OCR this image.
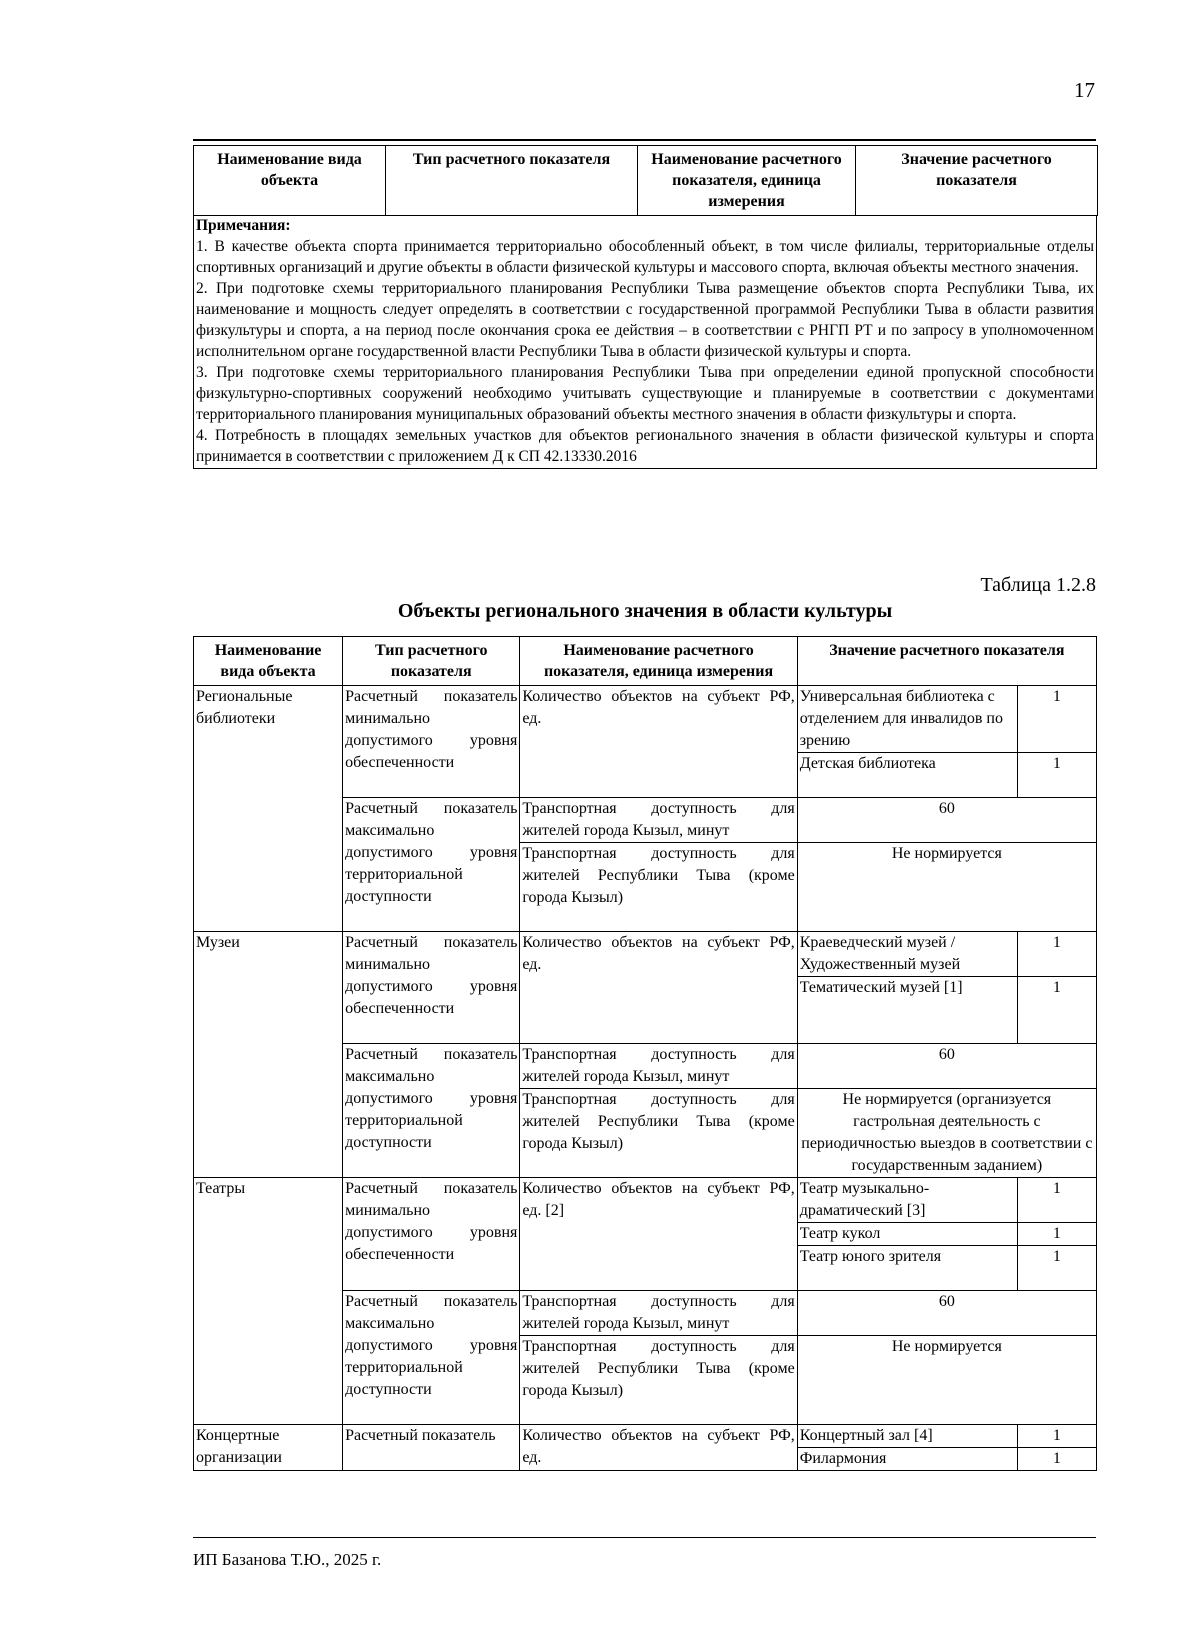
17
Наименование вида объекта	Тип расчетного показателя	Наименование расчетного показателя, единица измерения	Значение расчетного показателя

Примечания:

1. В качестве объекта спорта принимается территориально обособленный объект, в том числе филиалы, территориальные отделы спортивных организаций и другие объекты в области физической культуры и массового спорта, включая объекты местного значения.

2. При подготовке схемы территориального планирования Республики Тыва размещение объектов спорта Республики Тыва, их наименование и мощность следует определять в соответствии с государственной программой Республики Тыва в области развития физкультуры и спорта, а на период после окончания срока ее действия – в соответствии с РНГП РТ и по запросу в уполномоченном исполнительном органе государственной власти Республики Тыва в области физической культуры и спорта.

3. При подготовке схемы территориального планирования Республики Тыва при определении единой пропускной способности физкультурно-спортивных сооружений необходимо учитывать существующие и планируемые в соответствии с документами территориального планирования муниципальных образований объекты местного значения в области физкультуры и спорта.

4. Потребность в площадях земельных участков для объектов регионального значения в области физической культуры и спорта принимается в соответствии с приложением Д к СП 42.13330.2016

Таблица 1.2.8
Объекты регионального значения в области культуры
Наименование вида объекта	Тип расчетного показателя	Наименование расчетного показателя, единица измерения	Значение расчетного показателя	
Региональные библиотеки	Расчетный показатель минимально допустимого уровня обеспеченности	Количество объектов на субъект РФ, ед.	Универсальная библиотека с отделением для инвалидов по зрению	1
			Детская библиотека	1
	Расчетный показатель максимально допустимого уровня территориальной доступности	Транспортная доступность для жителей города Кызыл, минут	60	
		Транспортная доступность для жителей Республики Тыва (кроме города Кызыл)	Не нормируется	
Музеи	Расчетный показатель минимально допустимого уровня обеспеченности	Количество объектов на субъект РФ, ед.	Краеведческий музей / Художественный музей	1
			Тематический музей [1]	1
	Расчетный показатель максимально допустимого уровня территориальной доступности	Транспортная доступность для жителей города Кызыл, минут	60	
		Транспортная доступность для жителей Республики Тыва (кроме города Кызыл)	Не нормируется (организуется гастрольная деятельность с периодичностью выездов в соответствии с государственным заданием)	
Театры	Расчетный показатель минимально допустимого уровня обеспеченности	Количество объектов на субъект РФ, ед. [2]	Театр музыкально-драматический [3]	1
			Театр кукол	1
			Театр юного зрителя	1
	Расчетный показатель максимально допустимого уровня территориальной доступности	Транспортная доступность для жителей города Кызыл, минут	60	
		Транспортная доступность для жителей Республики Тыва (кроме города Кызыл)	Не нормируется	
Концертные организации	Расчетный показатель	Количество объектов на субъект РФ, ед.	Концертный зал [4]	1
			Филармония	1
ИП Базанова Т.Ю., 2025 г.
